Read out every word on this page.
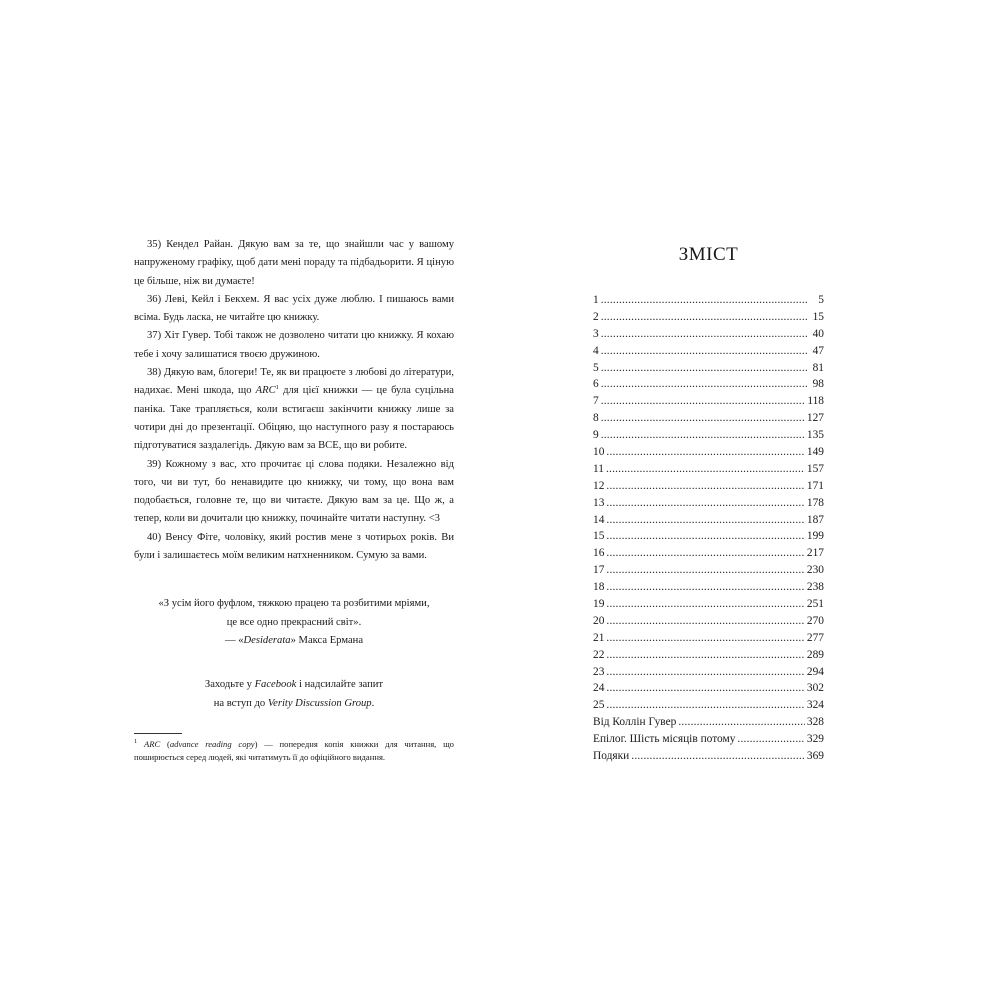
35) Кендел Райан. Дякую вам за те, що знайшли час у вашому напруженому графіку, щоб дати мені пораду та підбадьорити. Я ціную це більше, ніж ви думаєте!

36) Леві, Кейл і Бекхем. Я вас усіх дуже люблю. І пишаюсь вами всіма. Будь ласка, не читайте цю книжку.

37) Хіт Гувер. Тобі також не дозволено читати цю книжку. Я кохаю тебе і хочу залишатися твоєю дружиною.

38) Дякую вам, блогери! Те, як ви працюєте з любові до літератури, надихає. Мені шкода, що ARC$^1$ для цієї книжки — це була суцільна паніка. Таке трапляється, коли встигаєш закінчити книжку лише за чотири дні до презентації. Обіцяю, що наступного разу я постараюсь підготуватися заздалегідь. Дякую вам за ВСЕ, що ви робите.

39) Кожному з вас, хто прочитає ці слова подяки. Незалежно від того, чи ви тут, бо ненавидите цю книжку, чи тому, що вона вам подобається, головне те, що ви читаєте. Дякую вам за це. Що ж, а тепер, коли ви дочитали цю книжку, починайте читати наступну. <3

40) Венсу Фіте, чоловіку, який ростив мене з чотирьох років. Ви були і залишаєтесь моїм великим натхненником. Сумую за вами.

«З усім його фуфлом, тяжкою працею та розбитими мріями,
це все одно прекрасний світ».
— «Desiderata» Макса Ермана
Заходьте у Facebook і надсилайте запит
на вступ до Verity Discussion Group.
$^1$ ARC (advance reading copy) — попередня копія книжки для читання, що поширюється серед людей, які читатимуть її до офіційного видання.
ЗМІСТ
1 .....	5
2 .....	15
3 .....	40
4 .....	47
5 .....	81
6 .....	98
7 .....	118
8 .....	127
9 .....	135
10 .....	149
11 .....	157
12 .....	171
13 .....	178
14 .....	187
15 .....	199
16 .....	217
17 .....	230
18 .....	238
19 .....	251
20 .....	270
21 .....	277
22 .....	289
23 .....	294
24 .....	302
25 .....	324
Від Коллін Гувер .....	328
Епілог. Шість місяців потому .....	329
Подяки .....	369
